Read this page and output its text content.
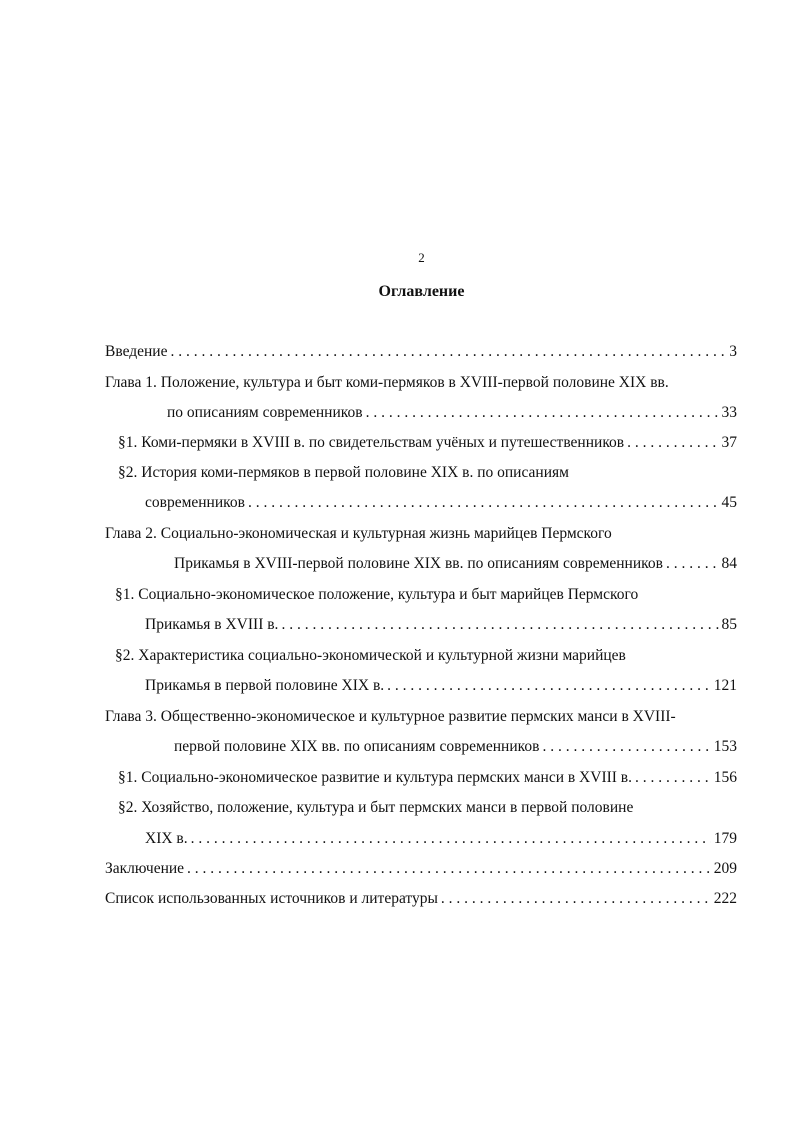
2
Оглавление
Введение . . .	3
Глава 1. Положение, культура и быт коми-пермяков в XVIII-первой половине XIX вв.
по описаниям современников . . .	33
§1. Коми-пермяки в XVIII в. по свидетельствам учёных и путешественников . . .	37
§2. История коми-пермяков в первой половине XIX в. по описаниям
современников . . .	45
Глава 2. Социально-экономическая и культурная жизнь марийцев Пермского
Прикамья в XVIII-первой половине XIX вв. по описаниям современников . . .	84
§1. Социально-экономическое положение, культура и быт марийцев Пермского
Прикамья в XVIII в. . . .	85
§2. Характеристика социально-экономической и культурной жизни марийцев
Прикамья в первой половине XIX в. . . .	121
Глава 3. Общественно-экономическое и культурное развитие пермских манси в XVIII-
первой половине XIX вв. по описаниям современников . . .	153
§1. Социально-экономическое развитие и культура пермских манси в XVIII в. . . .	156
§2. Хозяйство, положение, культура и быт пермских манси в первой половине
XIX в. . . .	179
Заключение . . .	209
Список использованных источников и литературы . . .	222
